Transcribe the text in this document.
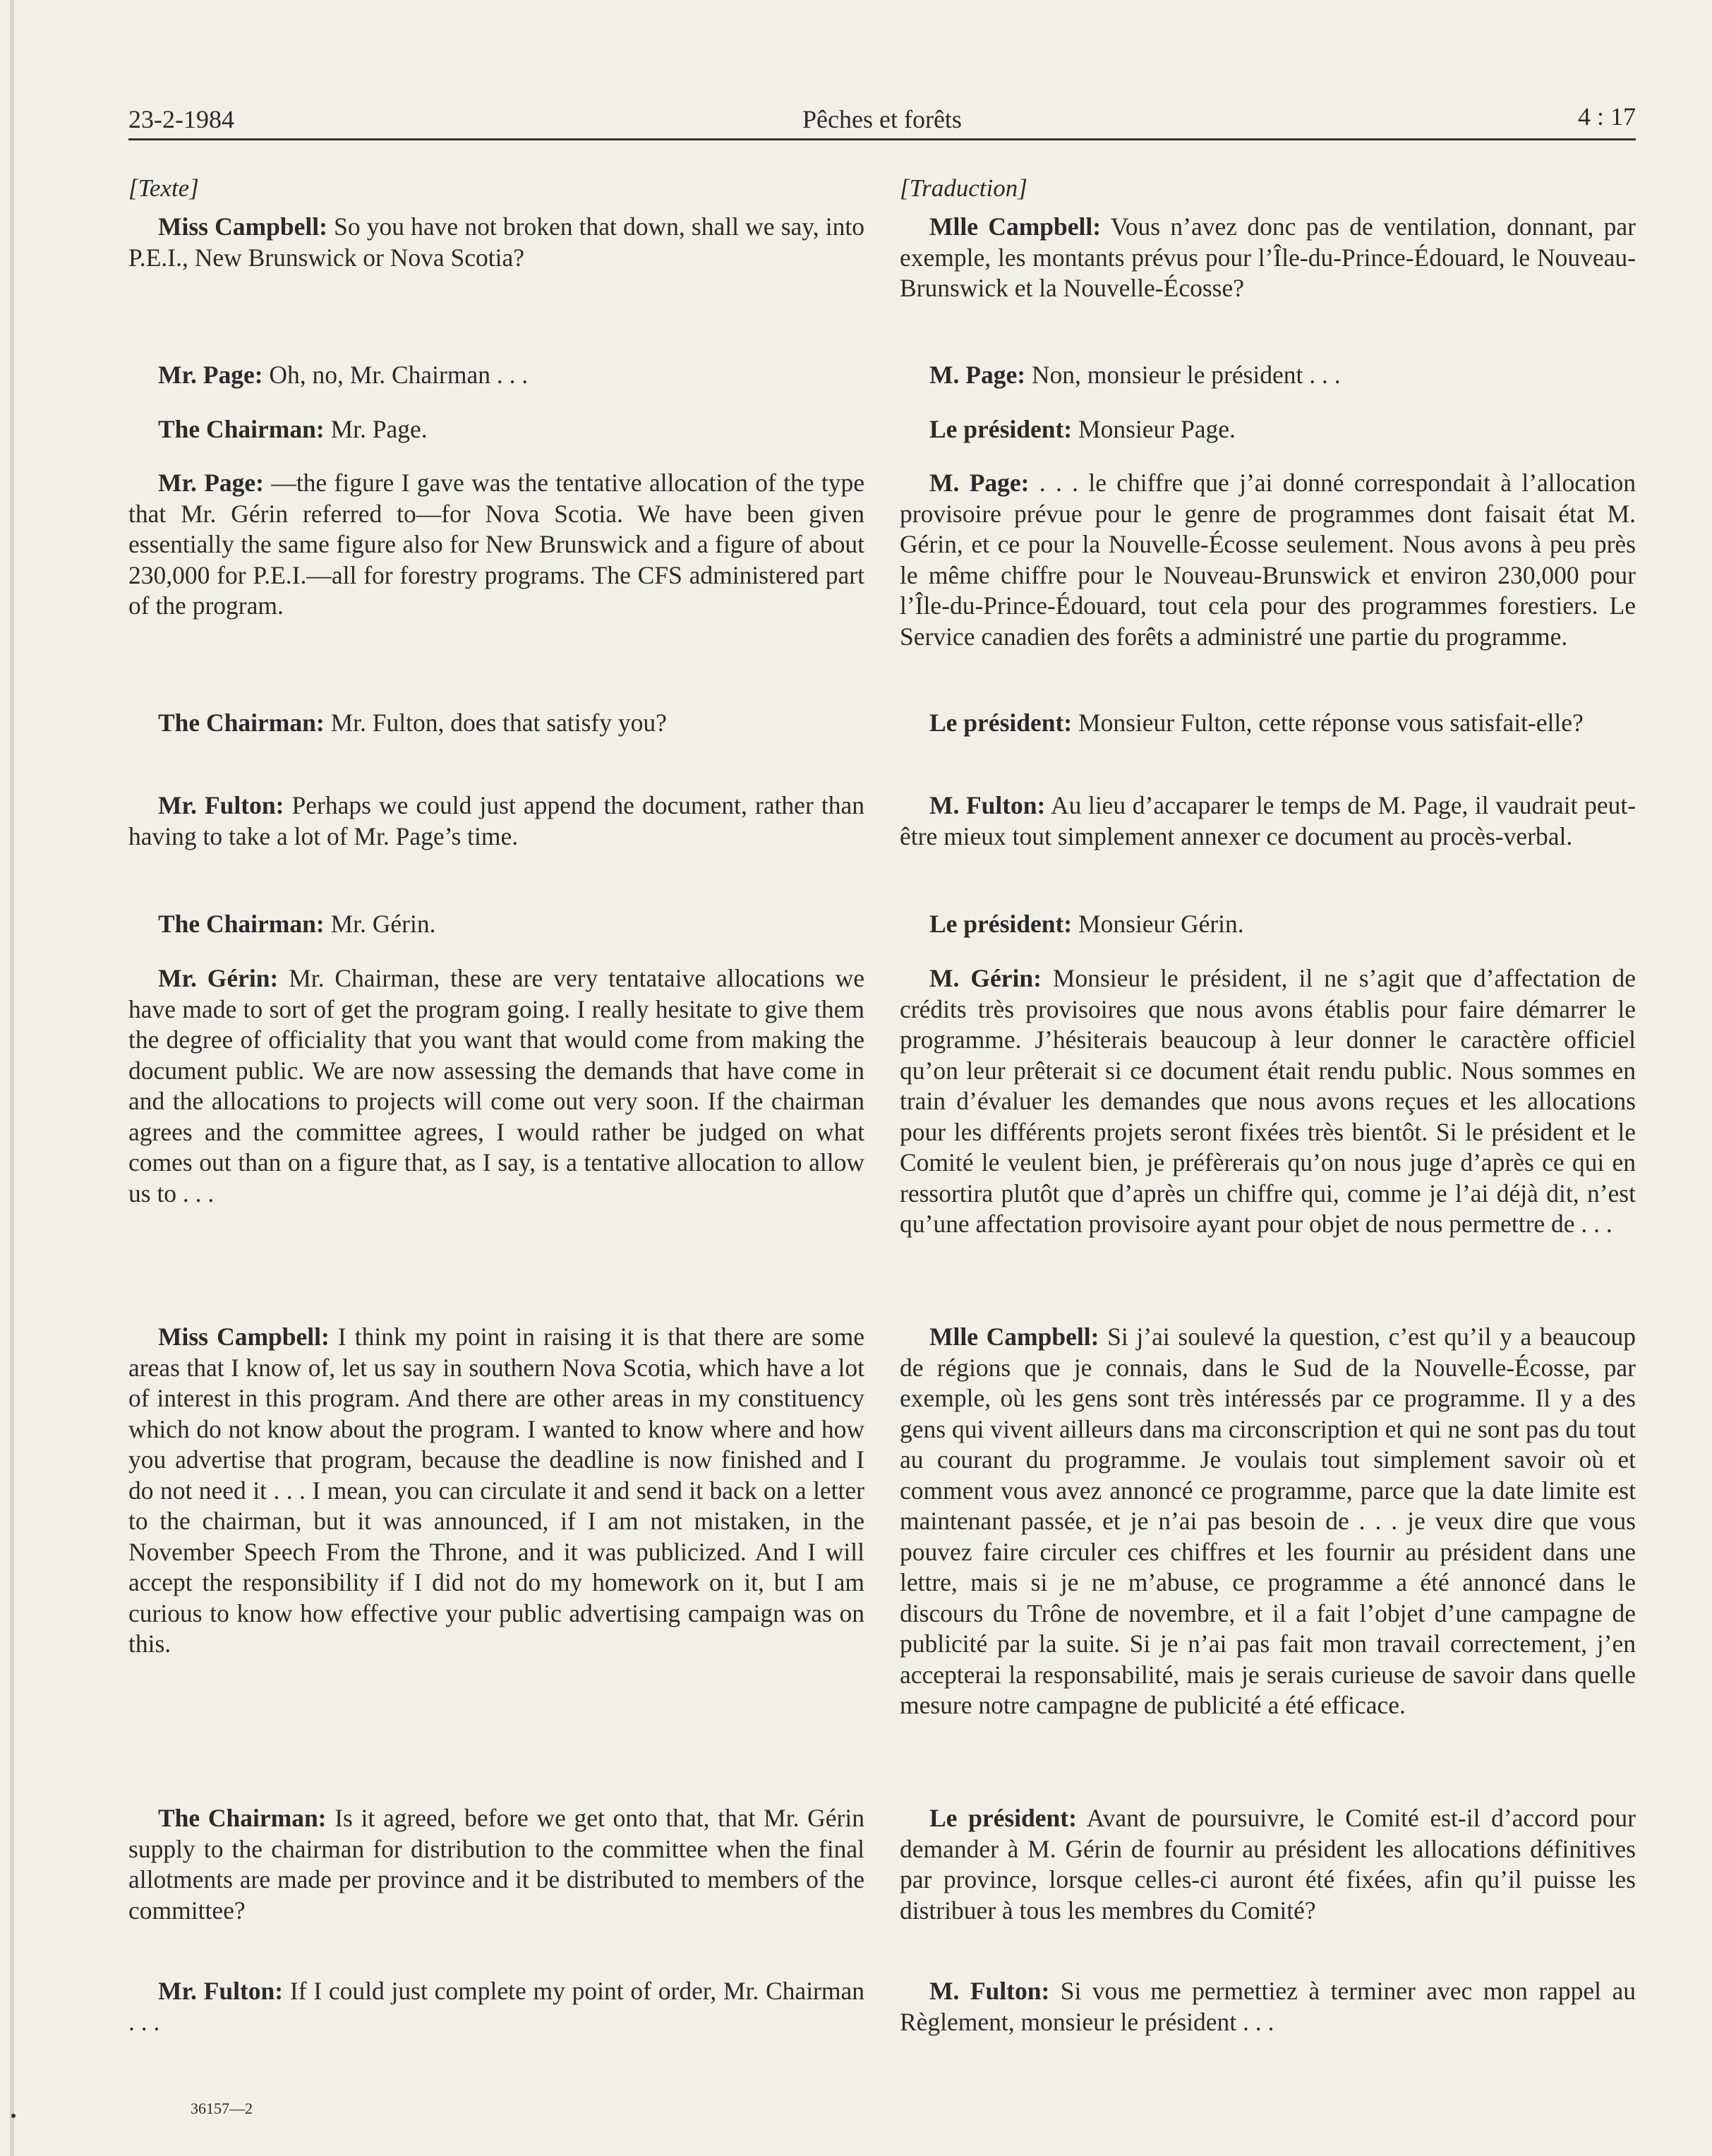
23-2-1984	Pêches et forêts	4 : 17
[Texte]

Miss Campbell: So you have not broken that down, shall we say, into P.E.I., New Brunswick or Nova Scotia?

Mr. Page: Oh, no, Mr. Chairman . . .

The Chairman: Mr. Page.

Mr. Page: —the figure I gave was the tentative allocation of the type that Mr. Gérin referred to—for Nova Scotia. We have been given essentially the same figure also for New Brunswick and a figure of about 230,000 for P.E.I.—all for forestry programs. The CFS administered part of the program.

The Chairman: Mr. Fulton, does that satisfy you?

Mr. Fulton: Perhaps we could just append the document, rather than having to take a lot of Mr. Page’s time.

The Chairman: Mr. Gérin.

Mr. Gérin: Mr. Chairman, these are very tentataive allocations we have made to sort of get the program going. I really hesitate to give them the degree of officiality that you want that would come from making the document public. We are now assessing the demands that have come in and the allocations to projects will come out very soon. If the chairman agrees and the committee agrees, I would rather be judged on what comes out than on a figure that, as I say, is a tentative allocation to allow us to . . .

Miss Campbell: I think my point in raising it is that there are some areas that I know of, let us say in southern Nova Scotia, which have a lot of interest in this program. And there are other areas in my constituency which do not know about the program. I wanted to know where and how you advertise that program, because the deadline is now finished and I do not need it . . . I mean, you can circulate it and send it back on a letter to the chairman, but it was announced, if I am not mistaken, in the November Speech From the Throne, and it was publicized. And I will accept the responsibility if I did not do my homework on it, but I am curious to know how effective your public advertising campaign was on this.

The Chairman: Is it agreed, before we get onto that, that Mr. Gérin supply to the chairman for distribution to the committee when the final allotments are made per province and it be distributed to members of the committee?

Mr. Fulton: If I could just complete my point of order, Mr. Chairman . . .

[Traduction]

Mlle Campbell: Vous n’avez donc pas de ventilation, donnant, par exemple, les montants prévus pour l’Île-du-Prince-Édouard, le Nouveau-Brunswick et la Nouvelle-Écosse?

M. Page: Non, monsieur le président . . .

Le président: Monsieur Page.

M. Page: . . . le chiffre que j’ai donné correspondait à l’allocation provisoire prévue pour le genre de programmes dont faisait état M. Gérin, et ce pour la Nouvelle-Écosse seulement. Nous avons à peu près le même chiffre pour le Nouveau-Brunswick et environ 230,000 pour l’Île-du-Prince-Édouard, tout cela pour des programmes forestiers. Le Service canadien des forêts a administré une partie du programme.

Le président: Monsieur Fulton, cette réponse vous satisfait-elle?

M. Fulton: Au lieu d’accaparer le temps de M. Page, il vaudrait peut-être mieux tout simplement annexer ce document au procès-verbal.

Le président: Monsieur Gérin.

M. Gérin: Monsieur le président, il ne s’agit que d’affectation de crédits très provisoires que nous avons établis pour faire démarrer le programme. J’hésiterais beaucoup à leur donner le caractère officiel qu’on leur prêterait si ce document était rendu public. Nous sommes en train d’évaluer les demandes que nous avons reçues et les allocations pour les différents projets seront fixées très bientôt. Si le président et le Comité le veulent bien, je préfèrerais qu’on nous juge d’après ce qui en ressortira plutôt que d’après un chiffre qui, comme je l’ai déjà dit, n’est qu’une affectation provisoire ayant pour objet de nous permettre de . . .

Mlle Campbell: Si j’ai soulevé la question, c’est qu’il y a beaucoup de régions que je connais, dans le Sud de la Nouvelle-Écosse, par exemple, où les gens sont très intéressés par ce programme. Il y a des gens qui vivent ailleurs dans ma circonscription et qui ne sont pas du tout au courant du programme. Je voulais tout simplement savoir où et comment vous avez annoncé ce programme, parce que la date limite est maintenant passée, et je n’ai pas besoin de . . . je veux dire que vous pouvez faire circuler ces chiffres et les fournir au président dans une lettre, mais si je ne m’abuse, ce programme a été annoncé dans le discours du Trône de novembre, et il a fait l’objet d’une campagne de publicité par la suite. Si je n’ai pas fait mon travail correctement, j’en accepterai la responsabilité, mais je serais curieuse de savoir dans quelle mesure notre campagne de publicité a été efficace.

Le président: Avant de poursuivre, le Comité est-il d’accord pour demander à M. Gérin de fournir au président les allocations définitives par province, lorsque celles-ci auront été fixées, afin qu’il puisse les distribuer à tous les membres du Comité?

M. Fulton: Si vous me permettiez à terminer avec mon rappel au Règlement, monsieur le président . . .

36157—2
